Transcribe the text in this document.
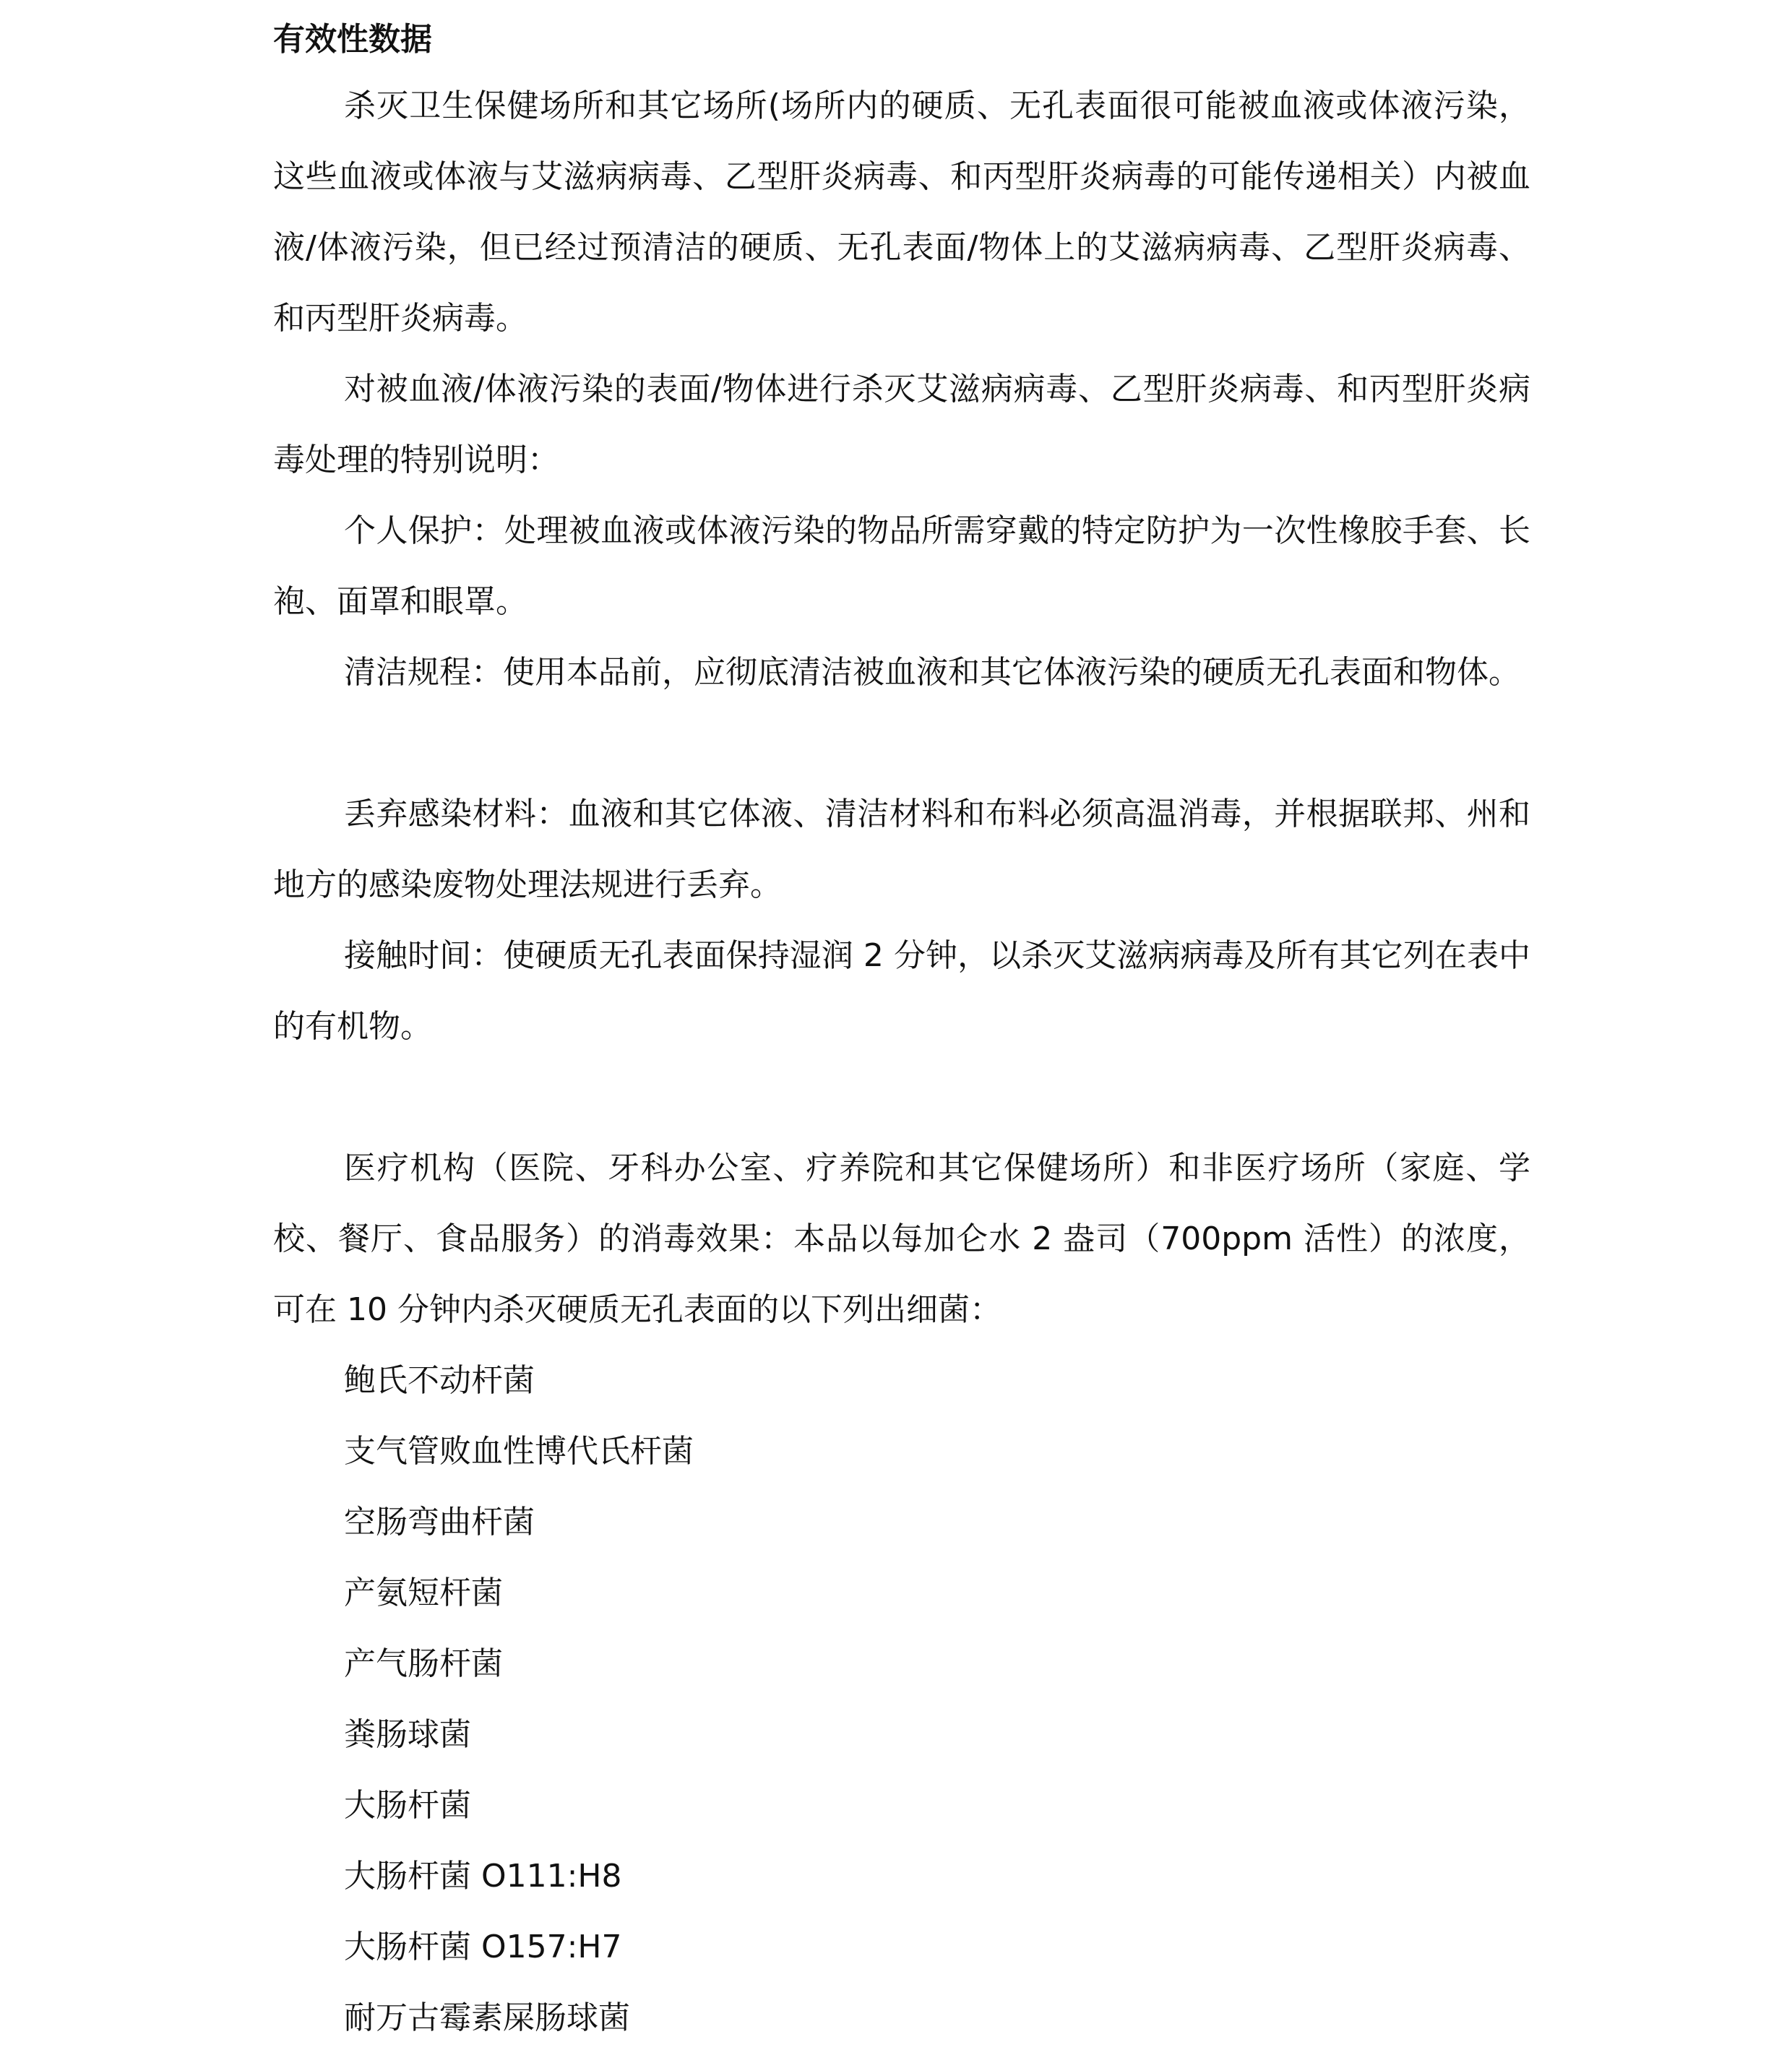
有效性数据

杀灭卫生保健场所和其它场所(场所内的硬质、无孔表面很可能被血液或体液污染，这些血液或体液与艾滋病病毒、乙型肝炎病毒、和丙型肝炎病毒的可能传递相关）内被血液/体液污染，但已经过预清洁的硬质、无孔表面/物体上的艾滋病病毒、乙型肝炎病毒、和丙型肝炎病毒。

对被血液/体液污染的表面/物体进行杀灭艾滋病病毒、乙型肝炎病毒、和丙型肝炎病毒处理的特别说明：

个人保护：处理被血液或体液污染的物品所需穿戴的特定防护为一次性橡胶手套、长袍、面罩和眼罩。

清洁规程：使用本品前，应彻底清洁被血液和其它体液污染的硬质无孔表面和物体。

丢弃感染材料：血液和其它体液、清洁材料和布料必须高温消毒，并根据联邦、州和地方的感染废物处理法规进行丢弃。

接触时间：使硬质无孔表面保持湿润 2 分钟，以杀灭艾滋病病毒及所有其它列在表中的有机物。

医疗机构（医院、牙科办公室、疗养院和其它保健场所）和非医疗场所（家庭、学校、餐厅、食品服务）的消毒效果：本品以每加仑水 2 盎司（700ppm 活性）的浓度，可在 10 分钟内杀灭硬质无孔表面的以下列出细菌：

鲍氏不动杆菌
支气管败血性博代氏杆菌
空肠弯曲杆菌
产氨短杆菌
产气肠杆菌
粪肠球菌
大肠杆菌
大肠杆菌 O111:H8
大肠杆菌 O157:H7
耐万古霉素屎肠球菌
